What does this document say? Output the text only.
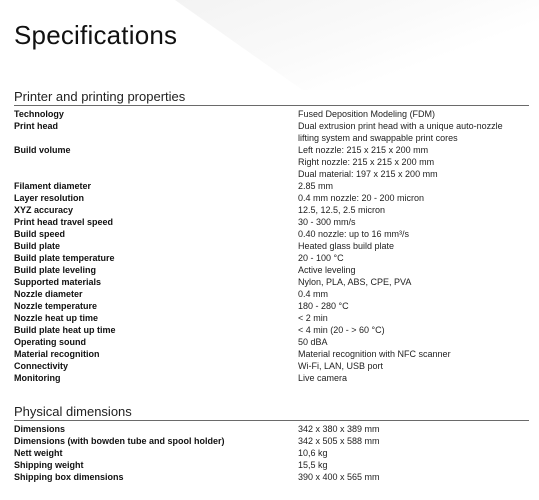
Specifications
Printer and printing properties
Technology	Fused Deposition Modeling (FDM)
Print head	Dual extrusion print head with a unique auto-nozzle
lifting system and swappable print cores
Build volume	Left nozzle: 215 x 215 x 200 mm
Right nozzle: 215 x 215 x 200 mm
Dual material: 197 x 215 x 200 mm
Filament diameter	2.85 mm
Layer resolution	0.4 mm nozzle: 20 - 200 micron
XYZ accuracy	12.5, 12.5, 2.5 micron
Print head travel speed	30 - 300 mm/s
Build speed	0.40 nozzle: up to 16 mm³/s
Build plate	Heated glass build plate
Build plate temperature	20 - 100 °C
Build plate leveling	Active leveling
Supported materials	Nylon, PLA, ABS, CPE, PVA
Nozzle diameter	0.4 mm
Nozzle temperature	180 - 280 °C
Nozzle heat up time	< 2 min
Build plate heat up time	< 4 min (20 - > 60 °C)
Operating sound	50 dBA
Material recognition	Material recognition with NFC scanner
Connectivity	Wi-Fi, LAN, USB port
Monitoring	Live camera
Physical dimensions
Dimensions	342 x 380 x 389 mm
Dimensions (with bowden tube and spool holder)	342 x 505 x 588 mm
Nett weight	10,6 kg
Shipping weight	15,5 kg
Shipping box dimensions	390 x 400 x 565 mm
